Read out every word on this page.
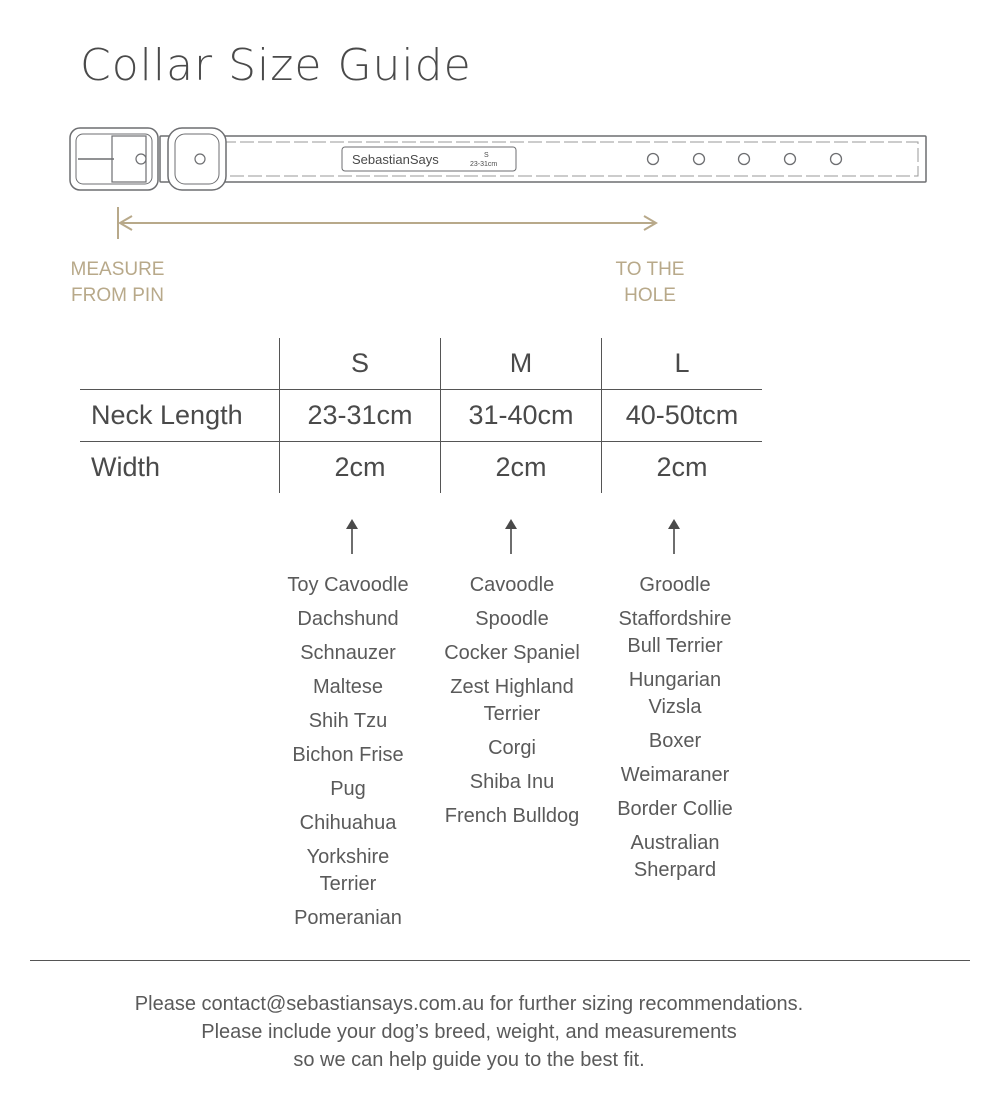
Collar Size Guide
SebastianSays	S
23-31cm
MEASURE
FROM PIN
TO THE
HOLE
	S	M	L
Neck Length	23-31cm	31-40cm	40-50tcm
Width	2cm	2cm	2cm
Toy Cavoodle
Dachshund
Schnauzer
Maltese
Shih Tzu
Bichon Frise
Pug
Chihuahua
Yorkshire Terrier
Pomeranian
Cavoodle
Spoodle
Cocker Spaniel
Zest Highland Terrier
Corgi
Shiba Inu
French Bulldog
Groodle
Staffordshire Bull Terrier
Hungarian Vizsla
Boxer
Weimaraner
Border Collie
Australian Sherpard
Please contact@sebastiansays.com.au for further sizing recommendations.
Please include your dog’s breed, weight, and measurements
so we can help guide you to the best fit.
